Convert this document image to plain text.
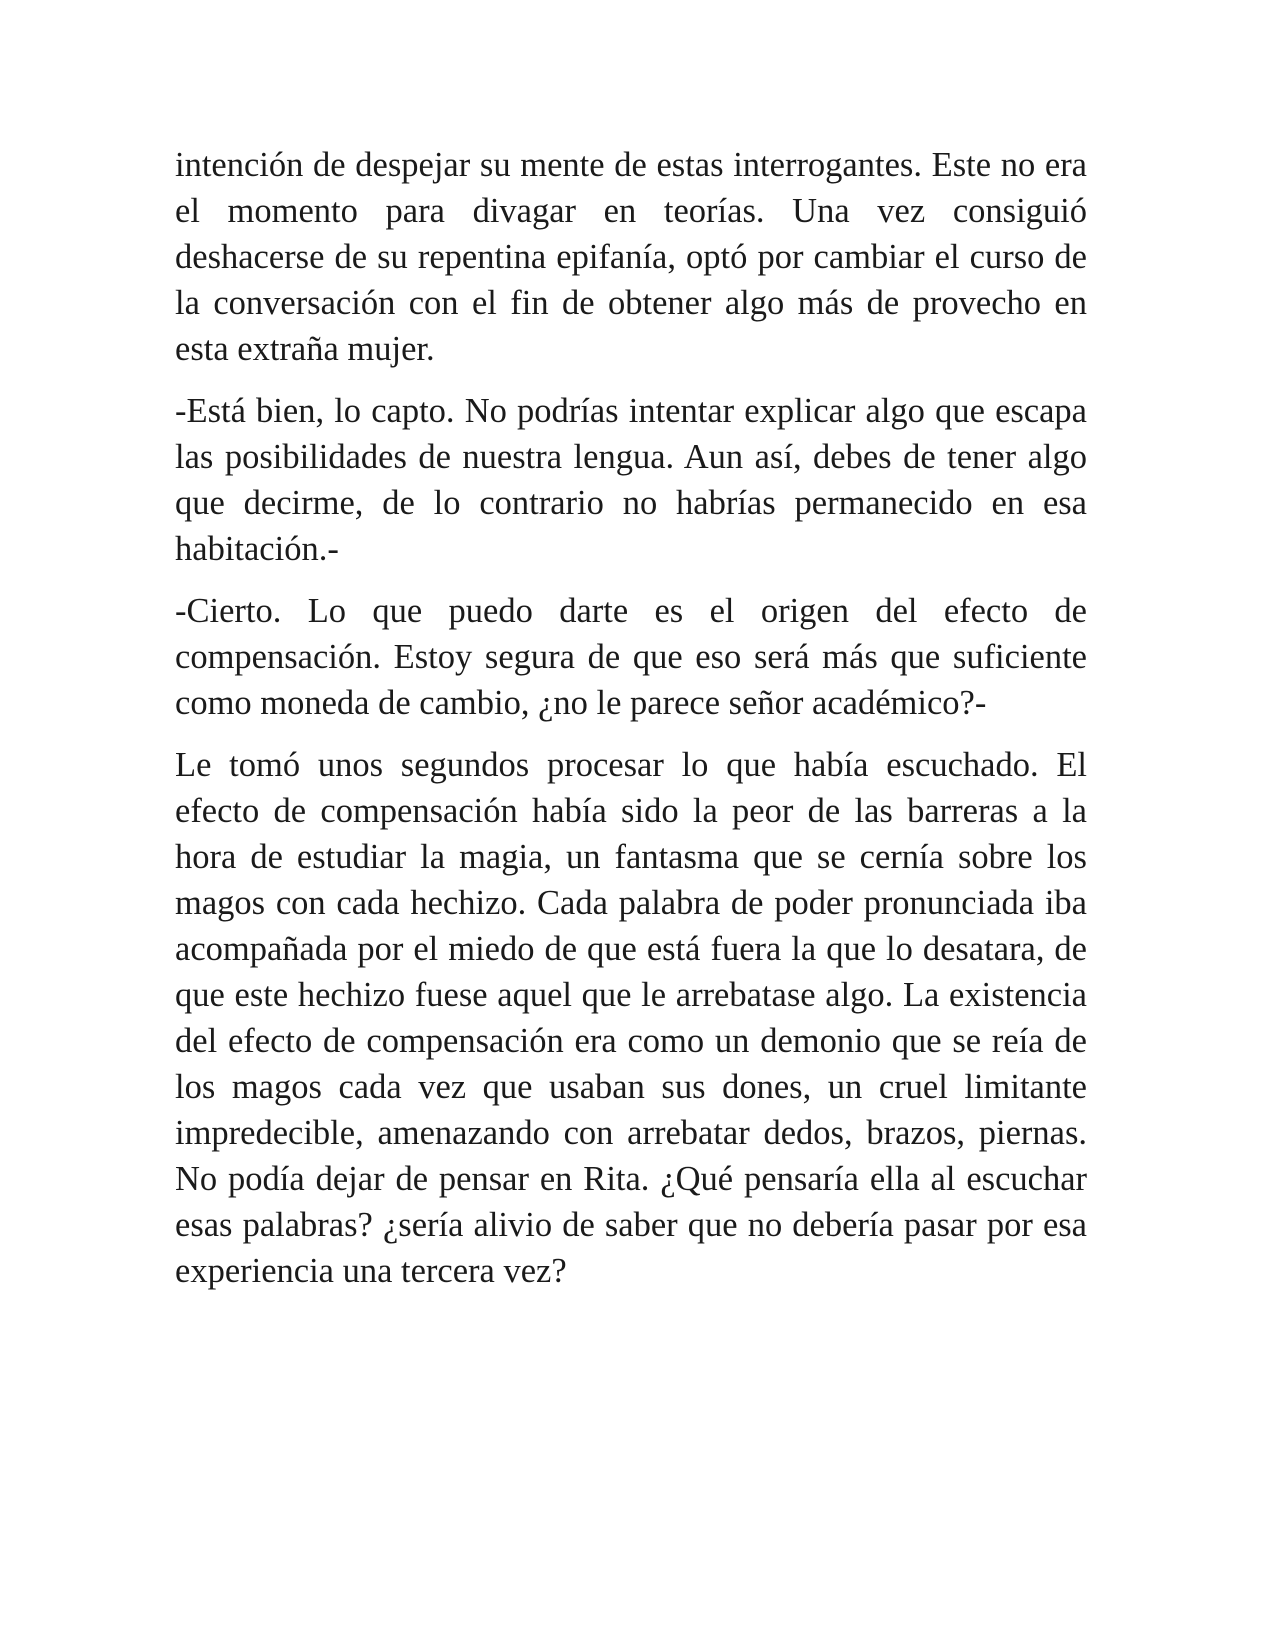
intención de despejar su mente de estas interrogantes. Este no era el momento para divagar en teorías. Una vez consiguió deshacerse de su repentina epifanía, optó por cambiar el curso de la conversación con el fin de obtener algo más de provecho en esta extraña mujer.

-Está bien, lo capto. No podrías intentar explicar algo que escapa las posibilidades de nuestra lengua. Aun así, debes de tener algo que decirme, de lo contrario no habrías permanecido en esa habitación.-

-Cierto. Lo que puedo darte es el origen del efecto de compensación. Estoy segura de que eso será más que suficiente como moneda de cambio, ¿no le parece señor académico?-

Le tomó unos segundos procesar lo que había escuchado. El efecto de compensación había sido la peor de las barreras a la hora de estudiar la magia, un fantasma que se cernía sobre los magos con cada hechizo. Cada palabra de poder pronunciada iba acompañada por el miedo de que está fuera la que lo desatara, de que este hechizo fuese aquel que le arrebatase algo. La existencia del efecto de compensación era como un demonio que se reía de los magos cada vez que usaban sus dones, un cruel limitante impredecible, amenazando con arrebatar dedos, brazos, piernas. No podía dejar de pensar en Rita. ¿Qué pensaría ella al escuchar esas palabras? ¿sería alivio de saber que no debería pasar por esa experiencia una tercera vez?
